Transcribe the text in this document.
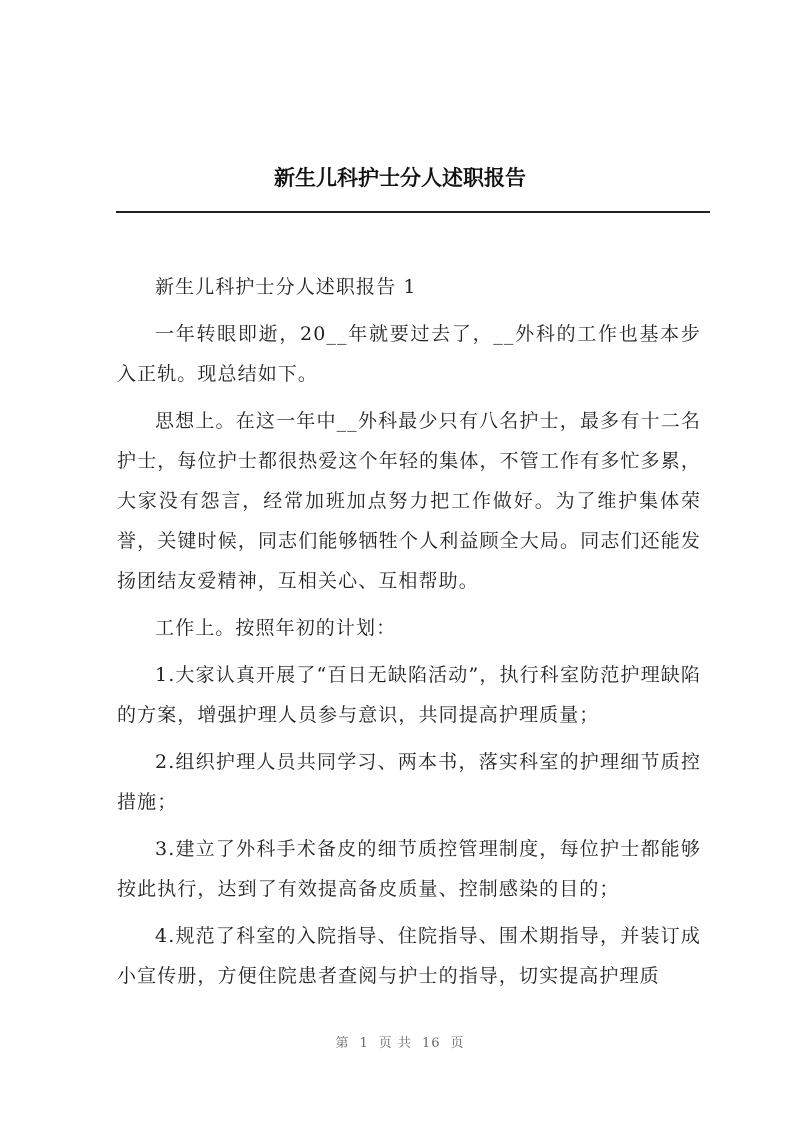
新生儿科护士分人述职报告

新生儿科护士分人述职报告 1

一年转眼即逝，20__年就要过去了，__外科的工作也基本步入正轨。现总结如下。

思想上。在这一年中__外科最少只有八名护士，最多有十二名护士，每位护士都很热爱这个年轻的集体，不管工作有多忙多累，大家没有怨言，经常加班加点努力把工作做好。为了维护集体荣誉，关键时候，同志们能够牺牲个人利益顾全大局。同志们还能发扬团结友爱精神，互相关心、互相帮助。

工作上。按照年初的计划：

1.大家认真开展了“百日无缺陷活动”，执行科室防范护理缺陷的方案，增强护理人员参与意识，共同提高护理质量；

2.组织护理人员共同学习、两本书，落实科室的护理细节质控措施；

3.建立了外科手术备皮的细节质控管理制度，每位护士都能够按此执行，达到了有效提高备皮质量、控制感染的目的；

4.规范了科室的入院指导、住院指导、围术期指导，并装订成小宣传册，方便住院患者查阅与护士的指导，切实提高护理质

第 1 页 共 16 页
